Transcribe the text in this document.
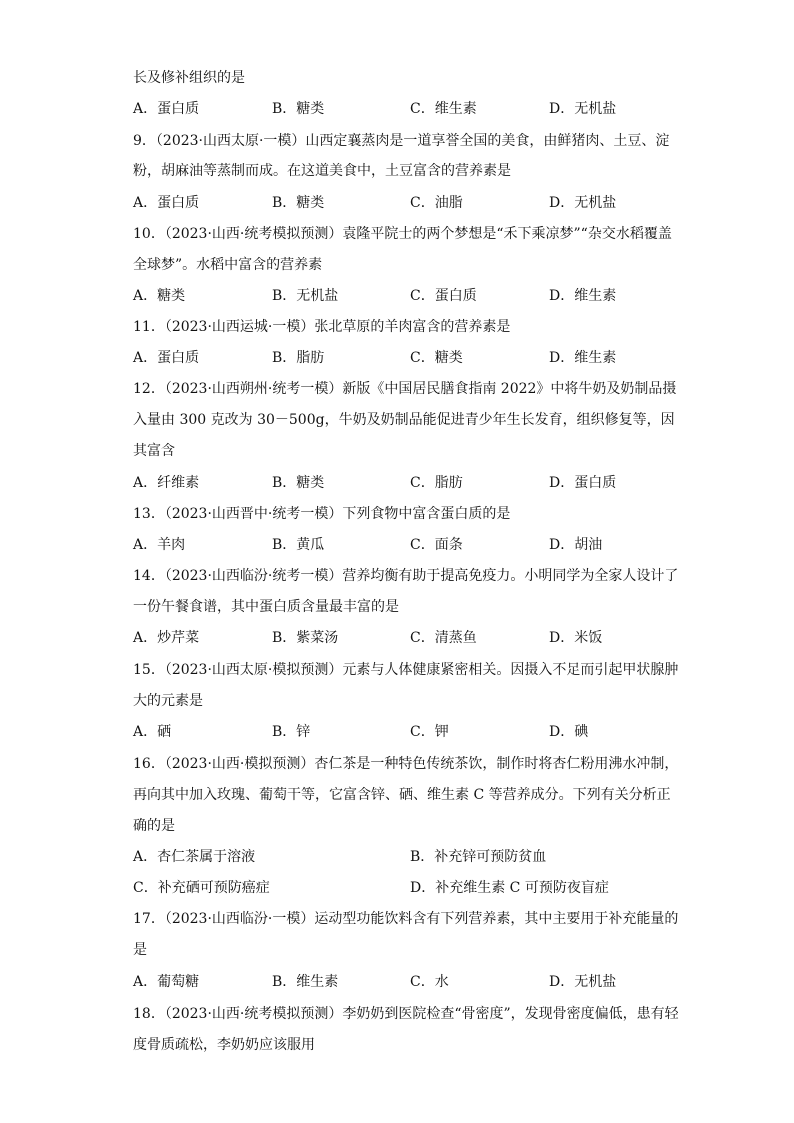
长及修补组织的是
A．蛋白质	B．糖类	C．维生素	D．无机盐
9．（2023·山西太原·一模）山西定襄蒸肉是一道享誉全国的美食，由鲜猪肉、土豆、淀
粉，胡麻油等蒸制而成。在这道美食中，土豆富含的营养素是
A．蛋白质	B．糖类	C．油脂	D．无机盐
10．（2023·山西·统考模拟预测）袁隆平院士的两个梦想是“禾下乘凉梦”“杂交水稻覆盖
全球梦”。水稻中富含的营养素
A．糖类	B．无机盐	C．蛋白质	D．维生素
11．（2023·山西运城·一模）张北草原的羊肉富含的营养素是
A．蛋白质	B．脂肪	C．糖类	D．维生素
12．（2023·山西朔州·统考一模）新版《中国居民膳食指南 2022》中将牛奶及奶制品摄
入量由 300 克改为 30－500g，牛奶及奶制品能促进青少年生长发育，组织修复等，因
其富含
A．纤维素	B．糖类	C．脂肪	D．蛋白质
13．（2023·山西晋中·统考一模）下列食物中富含蛋白质的是
A．羊肉	B．黄瓜	C．面条	D．胡油
14．（2023·山西临汾·统考一模）营养均衡有助于提高免疫力。小明同学为全家人设计了
一份午餐食谱，其中蛋白质含量最丰富的是
A．炒芹菜	B．紫菜汤	C．清蒸鱼	D．米饭
15．（2023·山西太原·模拟预测）元素与人体健康紧密相关。因摄入不足而引起甲状腺肿
大的元素是
A．硒	B．锌	C．钾	D．碘
16．（2023·山西·模拟预测）杏仁茶是一种特色传统茶饮，制作时将杏仁粉用沸水冲制，
再向其中加入玫瑰、葡萄干等，它富含锌、硒、维生素 C 等营养成分。下列有关分析正
确的是
A．杏仁茶属于溶液	B．补充锌可预防贫血
C．补充硒可预防癌症	D．补充维生素 C 可预防夜盲症
17．（2023·山西临汾·一模）运动型功能饮料含有下列营养素，其中主要用于补充能量的
是
A．葡萄糖	B．维生素	C．水	D．无机盐
18．（2023·山西·统考模拟预测）李奶奶到医院检查“骨密度”，发现骨密度偏低，患有轻
度骨质疏松，李奶奶应该服用
